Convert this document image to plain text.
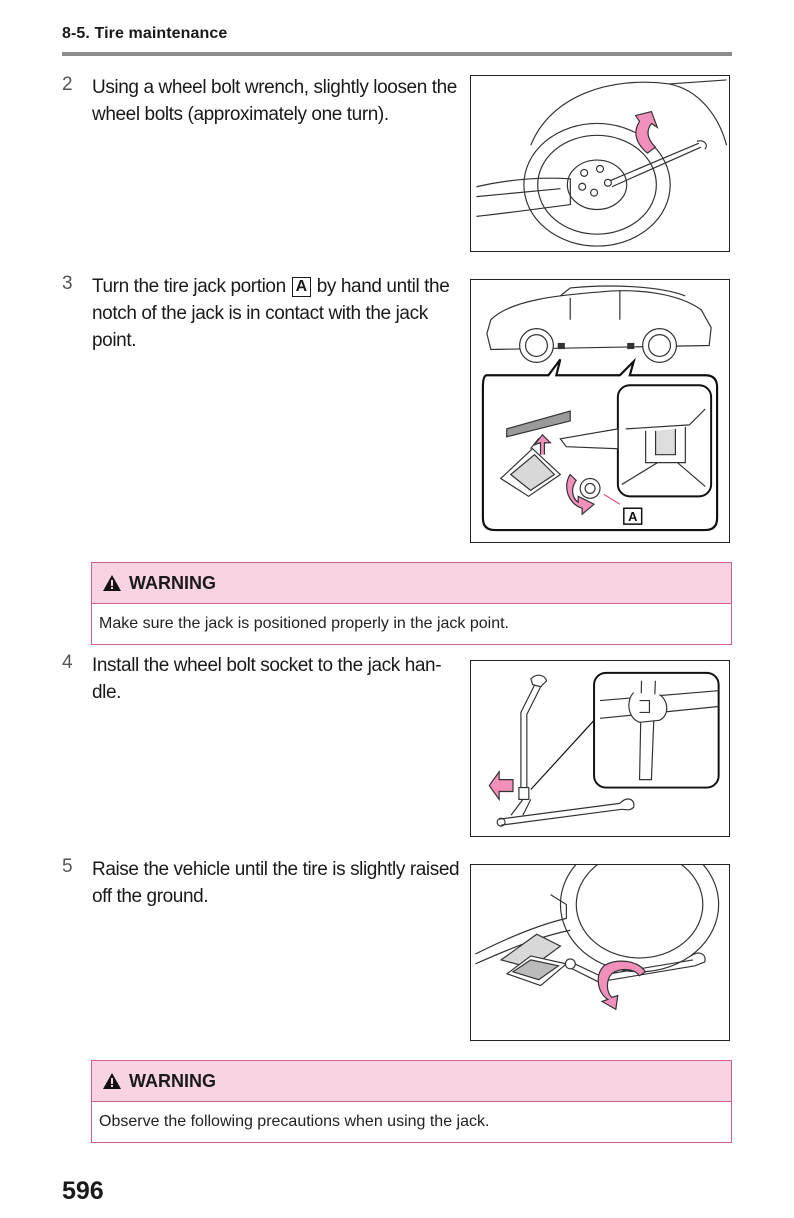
8-5. Tire maintenance
2 Using a wheel bolt wrench, slightly loosen the wheel bolts (approximately one turn).
3 Turn the tire jack portion A by hand until the notch of the jack is in contact with the jack point.
A
WARNING
Make sure the jack is positioned properly in the jack point.
4 Install the wheel bolt socket to the jack han-dle.
5 Raise the vehicle until the tire is slightly raised off the ground.
WARNING
Observe the following precautions when using the jack.
596
